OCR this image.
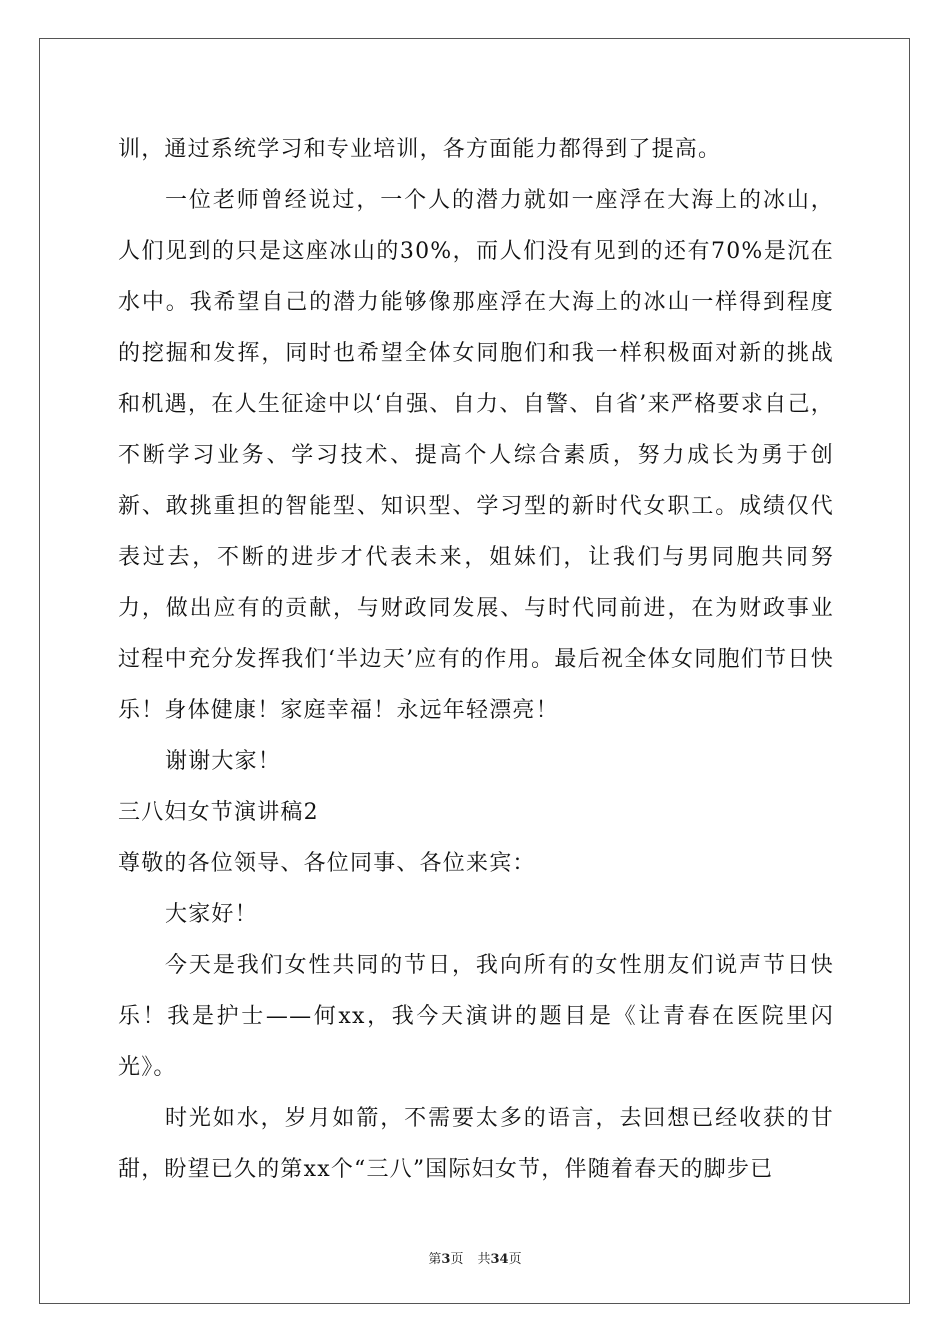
训，通过系统学习和专业培训，各方面能力都得到了提高。

一位老师曾经说过，一个人的潜力就如一座浮在大海上的冰山，人们见到的只是这座冰山的30%，而人们没有见到的还有70%是沉在水中。我希望自己的潜力能够像那座浮在大海上的冰山一样得到程度的挖掘和发挥，同时也希望全体女同胞们和我一样积极面对新的挑战和机遇，在人生征途中以‘自强、自力、自警、自省’来严格要求自己，不断学习业务、学习技术、提高个人综合素质，努力成长为勇于创新、敢挑重担的智能型、知识型、学习型的新时代女职工。成绩仅代表过去，不断的进步才代表未来，姐妹们，让我们与男同胞共同努力，做出应有的贡献，与财政同发展、与时代同前进，在为财政事业过程中充分发挥我们‘半边天’应有的作用。最后祝全体女同胞们节日快乐！身体健康！家庭幸福！永远年轻漂亮！

谢谢大家！

三八妇女节演讲稿2

尊敬的各位领导、各位同事、各位来宾：

大家好！

今天是我们女性共同的节日，我向所有的女性朋友们说声节日快乐！我是护士——何xx，我今天演讲的题目是《让青春在医院里闪光》。

时光如水，岁月如箭，不需要太多的语言，去回想已经收获的甘甜，盼望已久的第xx个“三八”国际妇女节，伴随着春天的脚步已

第3页 共34页
